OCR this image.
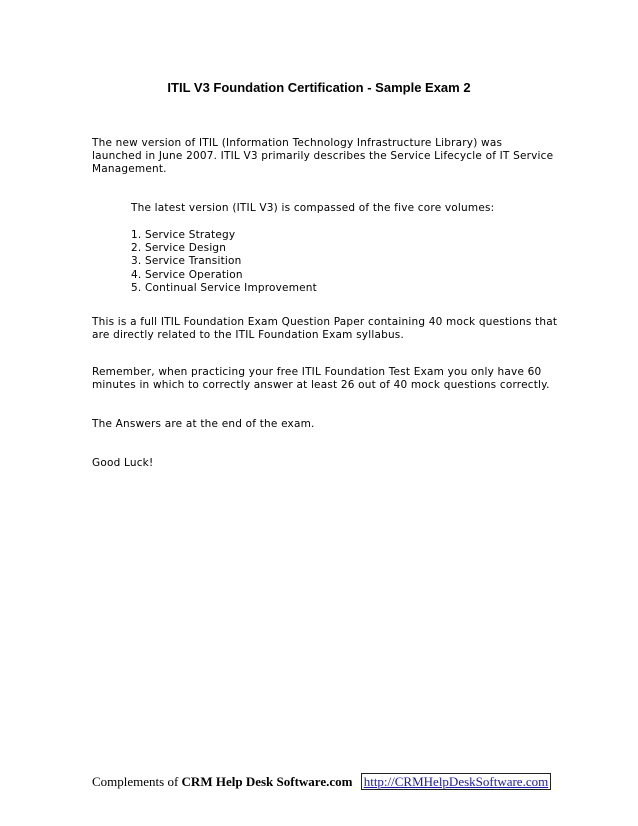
ITIL V3 Foundation Certification - Sample Exam 2
The new version of ITIL (Information Technology Infrastructure Library) was
launched in June 2007. ITIL V3 primarily describes the Service Lifecycle of IT Service
Management.
The latest version (ITIL V3) is compassed of the five core volumes:
1. Service Strategy
2. Service Design
3. Service Transition
4. Service Operation
5. Continual Service Improvement
This is a full ITIL Foundation Exam Question Paper containing 40 mock questions that
are directly related to the ITIL Foundation Exam syllabus.
Remember, when practicing your free ITIL Foundation Test Exam you only have 60
minutes in which to correctly answer at least 26 out of 40 mock questions correctly.
The Answers are at the end of the exam.
Good Luck!
Complements of CRM Help Desk Software.com http://CRMHelpDeskSoftware.com
